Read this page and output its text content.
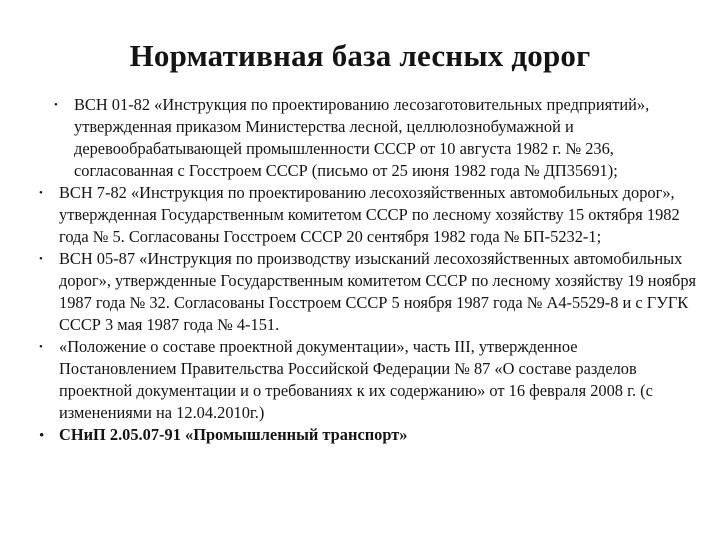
Нормативная база лесных дорог
• ВСН 01-82 «Инструкция по проектированию лесозаготовительных предприятий», утвержденная приказом Министерства лесной, целлюлознобумажной и деревообрабатывающей промышленности СССР от 10 августа 1982 г. № 236, согласованная с Госстроем СССР (письмо от 25 июня 1982 года № ДП35691);
• ВСН 7-82 «Инструкция по проектированию лесохозяйственных автомобильных дорог», утвержденная Государственным комитетом СССР по лесному хозяйству 15 октября 1982 года № 5. Согласованы Госстроем СССР 20 сентября 1982 года № БП-5232-1;
• ВСН 05-87 «Инструкция по производству изысканий лесохозяйственных автомобильных дорог», утвержденные Государственным комитетом СССР по лесному хозяйству 19 ноября 1987 года № 32. Согласованы Госстроем СССР 5 ноября 1987 года № А4-5529-8 и с ГУГК СССР 3 мая 1987 года № 4-151.
• «Положение о составе проектной документации», часть III, утвержденное Постановлением Правительства Российской Федерации № 87 «О составе разделов проектной документации и о требованиях к их содержанию» от 16 февраля 2008 г. (с изменениями на 12.04.2010г.)
• СНиП 2.05.07-91 «Промышленный транспорт»
